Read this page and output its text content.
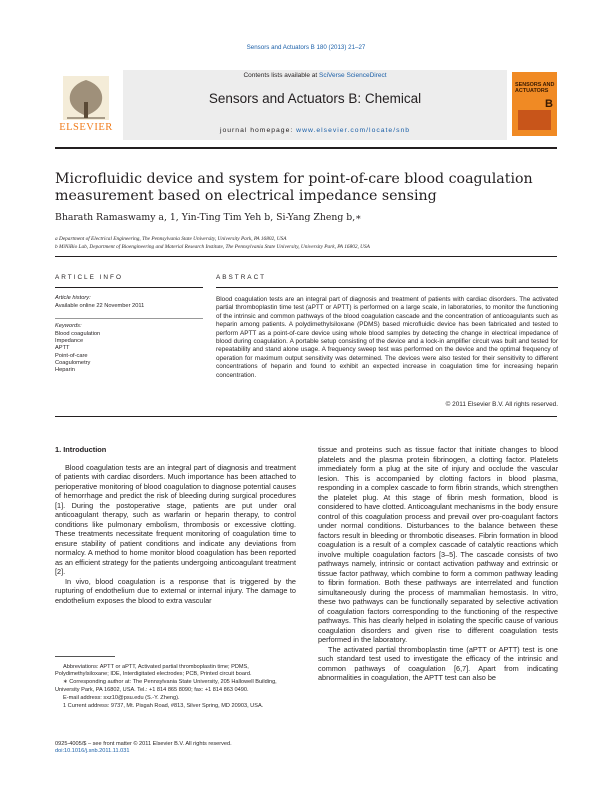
Sensors and Actuators B 180 (2013) 21–27
ELSEVIER
Contents lists available at SciVerse ScienceDirect
Sensors and Actuators B: Chemical
journal homepage: www.elsevier.com/locate/snb
SENSORS AND ACTUATORS
B
Microfluidic device and system for point-of-care blood coagulation measurement based on electrical impedance sensing
Bharath Ramaswamy a, 1, Yin-Ting Tim Yeh b, Si-Yang Zheng b,∗
a Department of Electrical Engineering, The Pennsylvania State University, University Park, PA 16802, USA
b MiNiBio Lab, Department of Bioengineering and Material Research Institute, The Pennsylvania State University, University Park, PA 16802, USA
ARTICLE INFO
Article history:
Available online 22 November 2011
Keywords:
Blood coagulation
Impedance
APTT
Point-of-care
Coagulometry
Heparin
ABSTRACT
Blood coagulation tests are an integral part of diagnosis and treatment of patients with cardiac disorders. The activated partial thromboplastin time test (aPTT or APTT) is performed on a large scale, in laboratories, to monitor the functioning of the intrinsic and common pathways of the blood coagulation cascade and the concentration of anticoagulants such as heparin among patients. A polydimethylsiloxane (PDMS) based microfluidic device has been fabricated and tested to perform APTT as a point-of-care device using whole blood samples by detecting the change in electrical impedance of blood during coagulation. A portable setup consisting of the device and a lock-in amplifier circuit was built and tested for repeatability and stand alone usage. A frequency sweep test was performed on the device and the optimal frequency of operation for maximum output sensitivity was determined. The devices were also tested for their sensitivity to different concentrations of heparin and found to exhibit an expected increase in coagulation time for increasing heparin concentration.
© 2011 Elsevier B.V. All rights reserved.
1. Introduction

Blood coagulation tests are an integral part of diagnosis and treatment of patients with cardiac disorders. Much importance has been attached to perioperative monitoring of blood coagulation to diagnose potential causes of hemorrhage and predict the risk of bleeding during surgical procedures [1]. During the postoperative stage, patients are put under oral anticoagulant therapy, such as warfarin or heparin therapy, to control conditions like pulmonary embolism, thrombosis or excessive clotting. These treatments necessitate frequent monitoring of coagulation time to ensure stability of patient conditions and indicate any deviations from normalcy. A method to home monitor blood coagulation has been reported as an efficient strategy for the patients undergoing anticoagulant treatment [2].

In vivo, blood coagulation is a response that is triggered by the rupturing of endothelium due to external or internal injury. The damage to endothelium exposes the blood to extra vascular

Abbreviations: APTT or aPTT, Activated partial thromboplastin time; PDMS, Polydimethylsiloxane; IDE, Interdigitated electrodes; PCB, Printed circuit board.

∗ Corresponding author at: The Pennsylvania State University, 205 Hallowell Building, University Park, PA 16802, USA. Tel.: +1 814 865 8090; fax: +1 814 863 0490.

E-mail address: sxz10@psu.edu (S.-Y. Zheng).

1 Current address: 9737, Mt. Pisgah Road, #813, Silver Spring, MD 20903, USA.

0925-4005/$ – see front matter © 2011 Elsevier B.V. All rights reserved.
doi:10.1016/j.snb.2011.11.031

tissue and proteins such as tissue factor that initiate changes to blood platelets and the plasma protein fibrinogen, a clotting factor. Platelets immediately form a plug at the site of injury and occlude the vascular lesion. This is accompanied by clotting factors in blood plasma, responding in a complex cascade to form fibrin strands, which strengthen the platelet plug. At this stage of fibrin mesh formation, blood is considered to have clotted. Anticoagulant mechanisms in the body ensure control of this coagulation process and prevail over pro-coagulant factors under normal conditions. Disturbances to the balance between these factors result in bleeding or thrombotic diseases. Fibrin formation in blood coagulation is a result of a complex cascade of catalytic reactions which involve multiple coagulation factors [3–5]. The cascade consists of two pathways namely, intrinsic or contact activation pathway and extrinsic or tissue factor pathway, which combine to form a common pathway leading to fibrin formation. Both these pathways are interrelated and function simultaneously during the process of mammalian hemostasis. In vitro, these two pathways can be functionally separated by selective activation of coagulation factors corresponding to the functioning of the respective pathways. This has clearly helped in isolating the specific cause of various coagulation disorders and given rise to different coagulation tests performed in the laboratory.

The activated partial thromboplastin time (aPTT or APTT) test is one such standard test used to investigate the efficacy of the intrinsic and common pathways of coagulation [6,7]. Apart from indicating abnormalities in coagulation, the APTT test can also be
